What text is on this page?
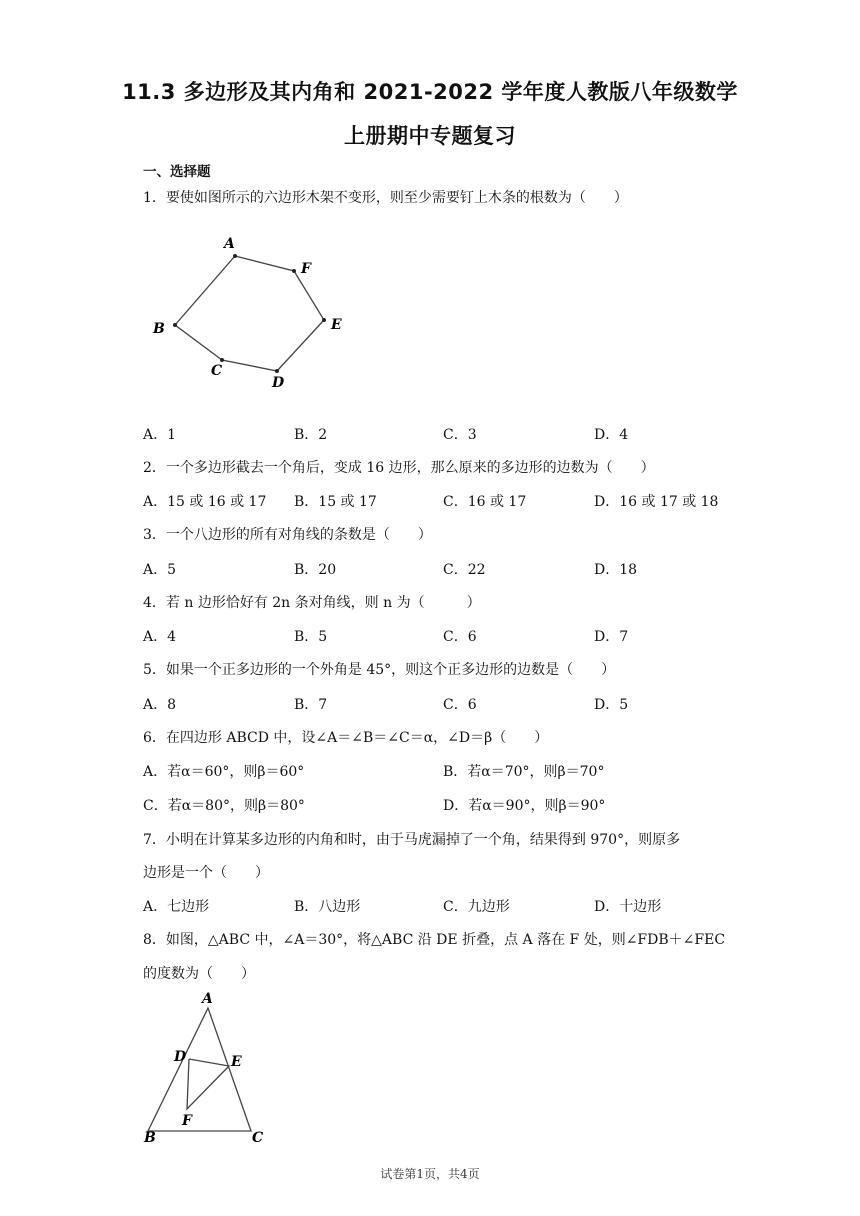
11.3 多边形及其内角和 2021-2022 学年度人教版八年级数学
上册期中专题复习
一、选择题
1．要使如图所示的六边形木架不变形，则至少需要钉上木条的根数为（　　）
A
F
E
D
C
B
A．1	B．2	C．3	D．4
2．一个多边形截去一个角后，变成 16 边形，那么原来的多边形的边数为（　　）
A．15 或 16 或 17 B．15 或 17	C．16 或 17	D．16 或 17 或 18
3．一个八边形的所有对角线的条数是（　　）
A．5	B．20	C．22	D．18
4．若 n 边形恰好有 2n 条对角线，则 n 为（　　　）
A．4	B．5	C．6	D．7
5．如果一个正多边形的一个外角是 45°，则这个正多边形的边数是（　　）
A．8	B．7	C．6	D．5
6．在四边形 ABCD 中，设∠A＝∠B＝∠C＝α，∠D＝β（　　）
A．若α＝60°，则β＝60°	B．若α＝70°，则β＝70°
C．若α＝80°，则β＝80°	D．若α＝90°，则β＝90°
7．小明在计算某多边形的内角和时，由于马虎漏掉了一个角，结果得到 970°，则原多
边形是一个（　　）
A．七边形	B．八边形	C．九边形	D．十边形
8．如图，△ABC 中，∠A＝30°，将△ABC 沿 DE 折叠，点 A 落在 F 处，则∠FDB＋∠FEC
的度数为（　　）
A
D	E
F
B	C
试卷第1页，共4页
